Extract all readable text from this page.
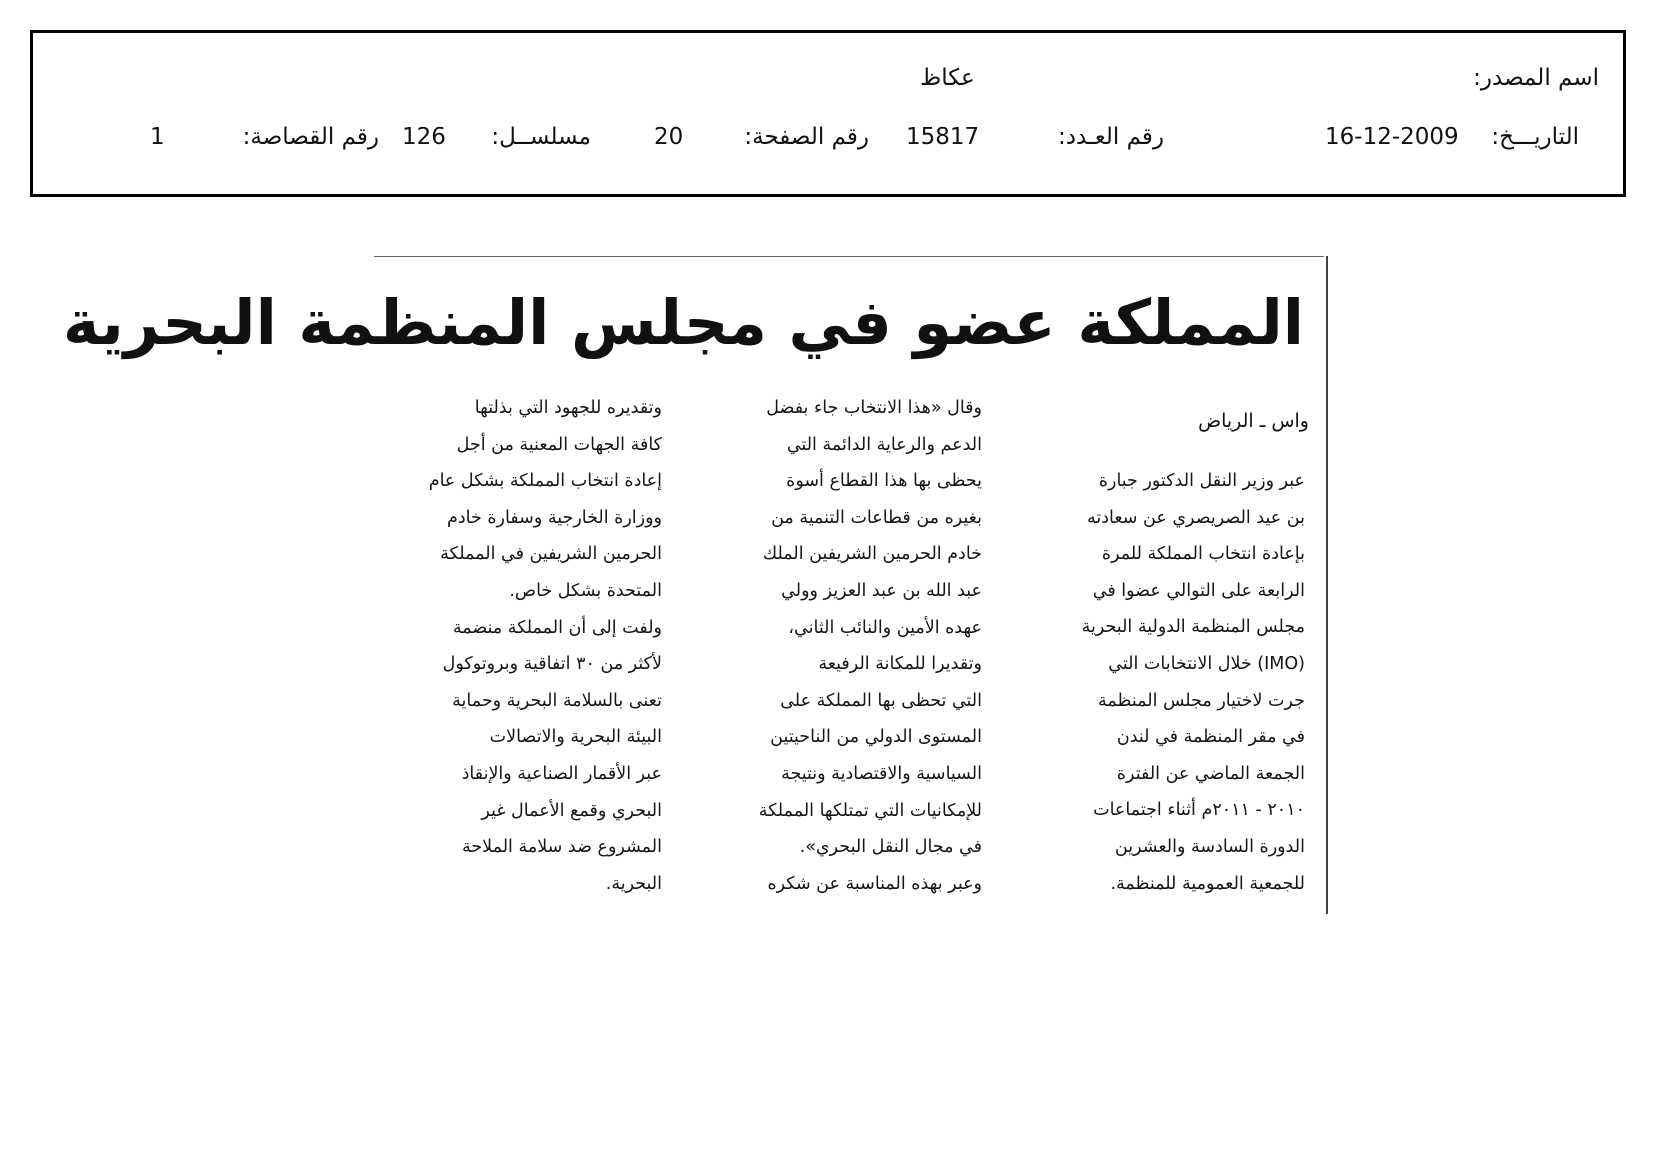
اسم المصدر:
عكاظ
التاريـــخ:
16-12-2009
رقم العـدد:
15817
رقم الصفحة:
20
مسلســل:
126
رقم القصاصة:
1
المملكة عضو في مجلس المنظمة البحرية
واس ـ الرياض

عبر وزير النقل الدكتور جبارة

بن عيد الصريصري عن سعادته

بإعادة انتخاب المملكة للمرة

الرابعة على التوالي عضوا في

مجلس المنظمة الدولية البحرية

(IMO) خلال الانتخابات التي

جرت لاختيار مجلس المنظمة

في مقر المنظمة في لندن

الجمعة الماضي عن الفترة

٢٠١٠ - ٢٠١١م أثناء اجتماعات

الدورة السادسة والعشرين

للجمعية العمومية للمنظمة.

وقال «هذا الانتخاب جاء بفضل

الدعم والرعاية الدائمة التي

يحظى بها هذا القطاع أسوة

بغيره من قطاعات التنمية من

خادم الحرمين الشريفين الملك

عبد الله بن عبد العزيز وولي

عهده الأمين والنائب الثاني،

وتقديرا للمكانة الرفيعة

التي تحظى بها المملكة على

المستوى الدولي من الناحيتين

السياسية والاقتصادية ونتيجة

للإمكانيات التي تمتلكها المملكة

في مجال النقل البحري».

وعبر بهذه المناسبة عن شكره

وتقديره للجهود التي بذلتها

كافة الجهات المعنية من أجل

إعادة انتخاب المملكة بشكل عام

ووزارة الخارجية وسفارة خادم

الحرمين الشريفين في المملكة

المتحدة بشكل خاص.

ولفت إلى أن المملكة منضمة

لأكثر من ٣٠ اتفاقية وبروتوكول

تعنى بالسلامة البحرية وحماية

البيئة البحرية والاتصالات

عبر الأقمار الصناعية والإنقاذ

البحري وقمع الأعمال غير

المشروع ضد سلامة الملاحة

البحرية.
